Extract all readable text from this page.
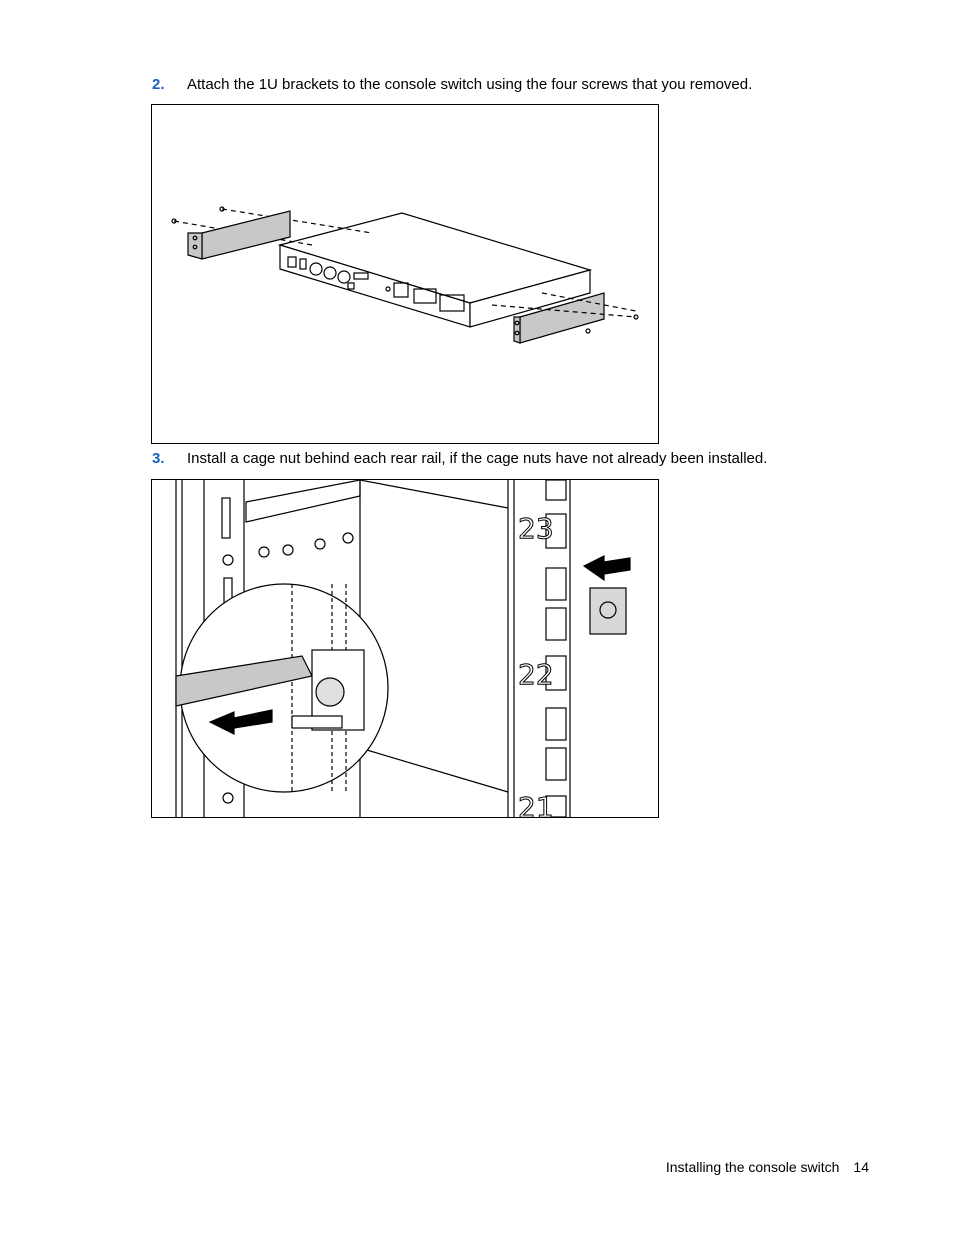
2. Attach the 1U brackets to the console switch using the four screws that you removed.
3. Install a cage nut behind each rear rail, if the cage nuts have not already been installed.
23
22
21
Installing the console switch 14
